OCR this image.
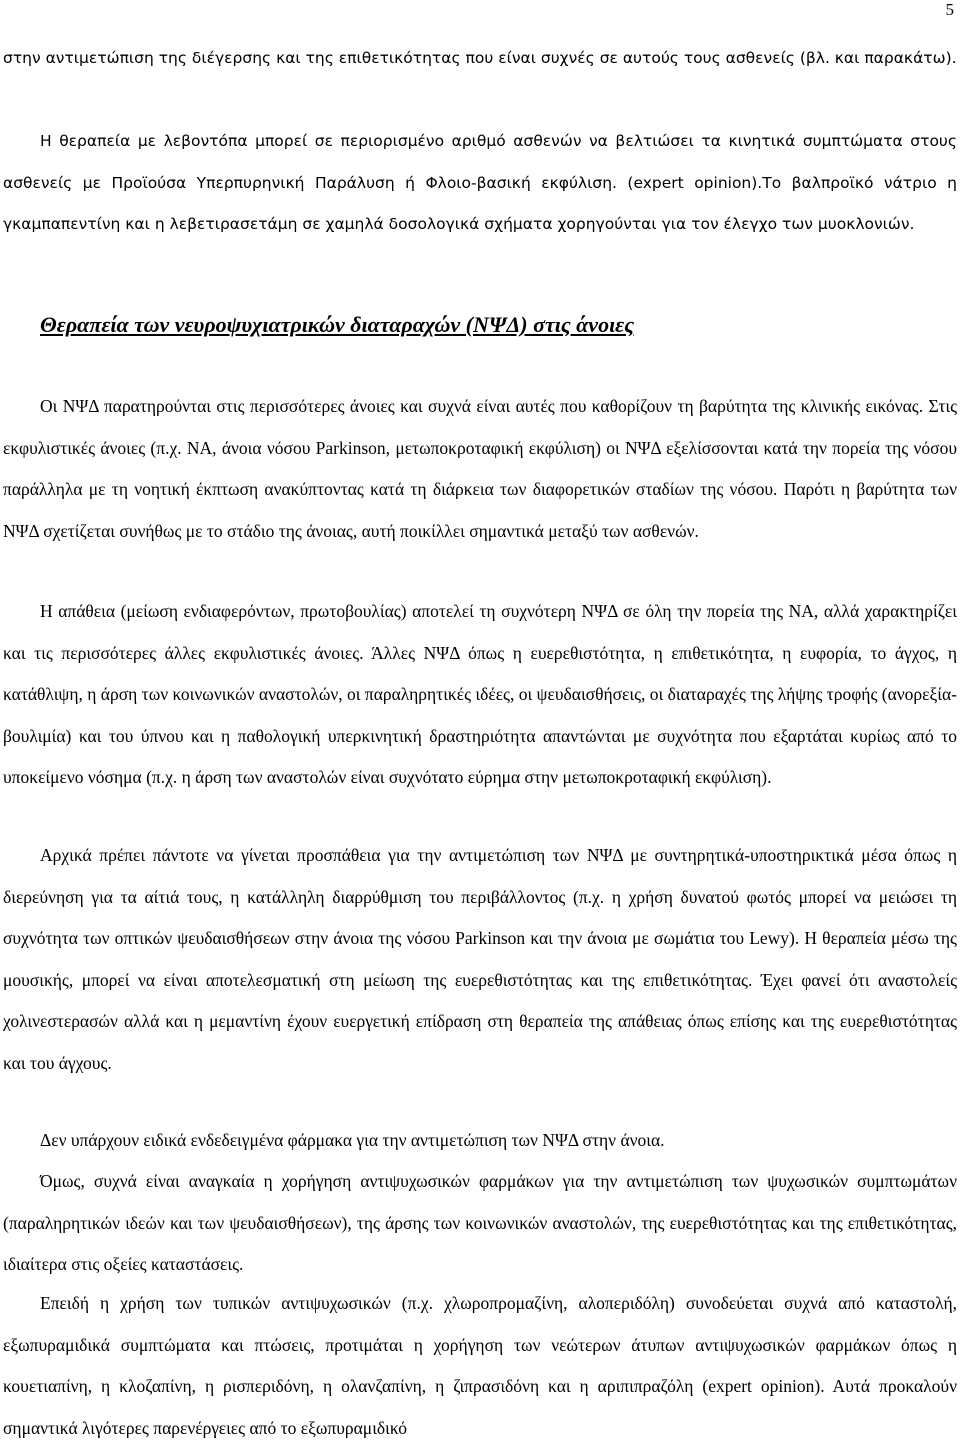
5

στην αντιμετώπιση της διέγερσης και της επιθετικότητας που είναι συχνές σε αυτούς τους ασθενείς (βλ. και παρακάτω).

Η θεραπεία με λεβοντόπα μπορεί σε περιορισμένο αριθμό ασθενών να βελτιώσει τα κινητικά συμπτώματα στους ασθενείς με Προϊούσα Υπερπυρηνική Παράλυση ή Φλοιο-βασική εκφύλιση. (expert opinion).Το βαλπροϊκό νάτριο η γκαμπαπεντίνη και η λεβετιρασετάμη σε χαμηλά δοσολογικά σχήματα χορηγούνται για τον έλεγχο των μυοκλονιών.

Θεραπεία των νευροψυχιατρικών διαταραχών (ΝΨΔ) στις άνοιες

Οι ΝΨΔ παρατηρούνται στις περισσότερες άνοιες και συχνά είναι αυτές που καθορίζουν τη βαρύτητα της κλινικής εικόνας. Στις εκφυλιστικές άνοιες (π.χ. ΝΑ, άνοια νόσου Parkinson, μετωποκροταφική εκφύλιση) οι ΝΨΔ εξελίσσονται κατά την πορεία της νόσου παράλληλα με τη νοητική έκπτωση ανακύπτοντας κατά τη διάρκεια των διαφορετικών σταδίων της νόσου. Παρότι η βαρύτητα των ΝΨΔ σχετίζεται συνήθως με το στάδιο της άνοιας, αυτή ποικίλλει σημαντικά μεταξύ των ασθενών.

Η απάθεια (μείωση ενδιαφερόντων, πρωτοβουλίας) αποτελεί τη συχνότερη ΝΨΔ σε όλη την πορεία της ΝΑ, αλλά χαρακτηρίζει και τις περισσότερες άλλες εκφυλιστικές άνοιες. Άλλες ΝΨΔ όπως η ευερεθιστότητα, η επιθετικότητα, η ευφορία, το άγχος, η κατάθλιψη, η άρση των κοινωνικών αναστολών, οι παραληρητικές ιδέες, οι ψευδαισθήσεις, οι διαταραχές της λήψης τροφής (ανορεξία-βουλιμία) και του ύπνου και η παθολογική υπερκινητική δραστηριότητα απαντώνται με συχνότητα που εξαρτάται κυρίως από το υποκείμενο νόσημα (π.χ. η άρση των αναστολών είναι συχνότατο εύρημα στην μετωποκροταφική εκφύλιση).

Αρχικά πρέπει πάντοτε να γίνεται προσπάθεια για την αντιμετώπιση των ΝΨΔ με συντηρητικά-υποστηρικτικά μέσα όπως η διερεύνηση για τα αίτιά τους, η κατάλληλη διαρρύθμιση του περιβάλλοντος (π.χ. η χρήση δυνατού φωτός μπορεί να μειώσει τη συχνότητα των οπτικών ψευδαισθήσεων στην άνοια της νόσου Parkinson και την άνοια με σωμάτια του Lewy). Η θεραπεία μέσω της μουσικής, μπορεί να είναι αποτελεσματική στη μείωση της ευερεθιστότητας και της επιθετικότητας. Έχει φανεί ότι αναστολείς χολινεστερασών αλλά και η μεμαντίνη έχουν ευεργετική επίδραση στη θεραπεία της απάθειας όπως επίσης και της ευερεθιστότητας και του άγχους.

Δεν υπάρχουν ειδικά ενδεδειγμένα φάρμακα για την αντιμετώπιση των ΝΨΔ στην άνοια.

Όμως, συχνά είναι αναγκαία η χορήγηση αντιψυχωσικών φαρμάκων για την αντιμετώπιση των ψυχωσικών συμπτωμάτων (παραληρητικών ιδεών και των ψευδαισθήσεων), της άρσης των κοινωνικών αναστολών, της ευερεθιστότητας και της επιθετικότητας, ιδιαίτερα στις οξείες καταστάσεις.

Επειδή η χρήση των τυπικών αντιψυχωσικών (π.χ. χλωροπρομαζίνη, αλοπεριδόλη) συνοδεύεται συχνά από καταστολή, εξωπυραμιδικά συμπτώματα και πτώσεις, προτιμάται η χορήγηση των νεώτερων άτυπων αντιψυχωσικών φαρμάκων όπως η κουετιαπίνη, η κλοζαπίνη, η ρισπεριδόνη, η ολανζαπίνη, η ζιπρασιδόνη και η αριπιπραζόλη (expert opinion). Αυτά προκαλούν σημαντικά λιγότερες παρενέργειες από το εξωπυραμιδικό
